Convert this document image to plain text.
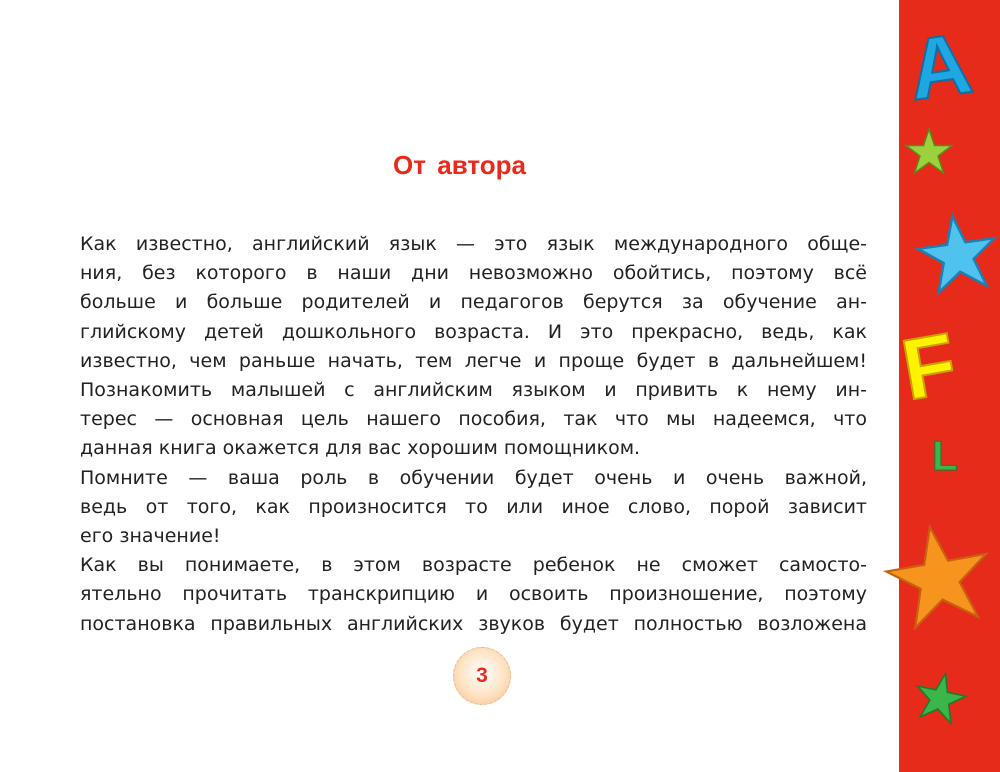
От автора

Как известно, английский язык — это язык международного обще-
ния, без которого в наши дни невозможно обойтись, поэтому всё
больше и больше родителей и педагогов берутся за обучение ан-
глийскому детей дошкольного возраста. И это прекрасно, ведь, как
известно, чем раньше начать, тем легче и проще будет в дальнейшем!

Познакомить малышей с английским языком и привить к нему ин-
терес — основная цель нашего пособия, так что мы надеемся, что
данная книга окажется для вас хорошим помощником.

Помните — ваша роль в обучении будет очень и очень важной,
ведь от того, как произносится то или иное слово, порой зависит
его значение!

Как вы понимаете, в этом возрасте ребенок не сможет самосто-
ятельно прочитать транскрипцию и освоить произношение, поэтому
постановка правильных английских звуков будет полностью возложена

3
A
F
L
